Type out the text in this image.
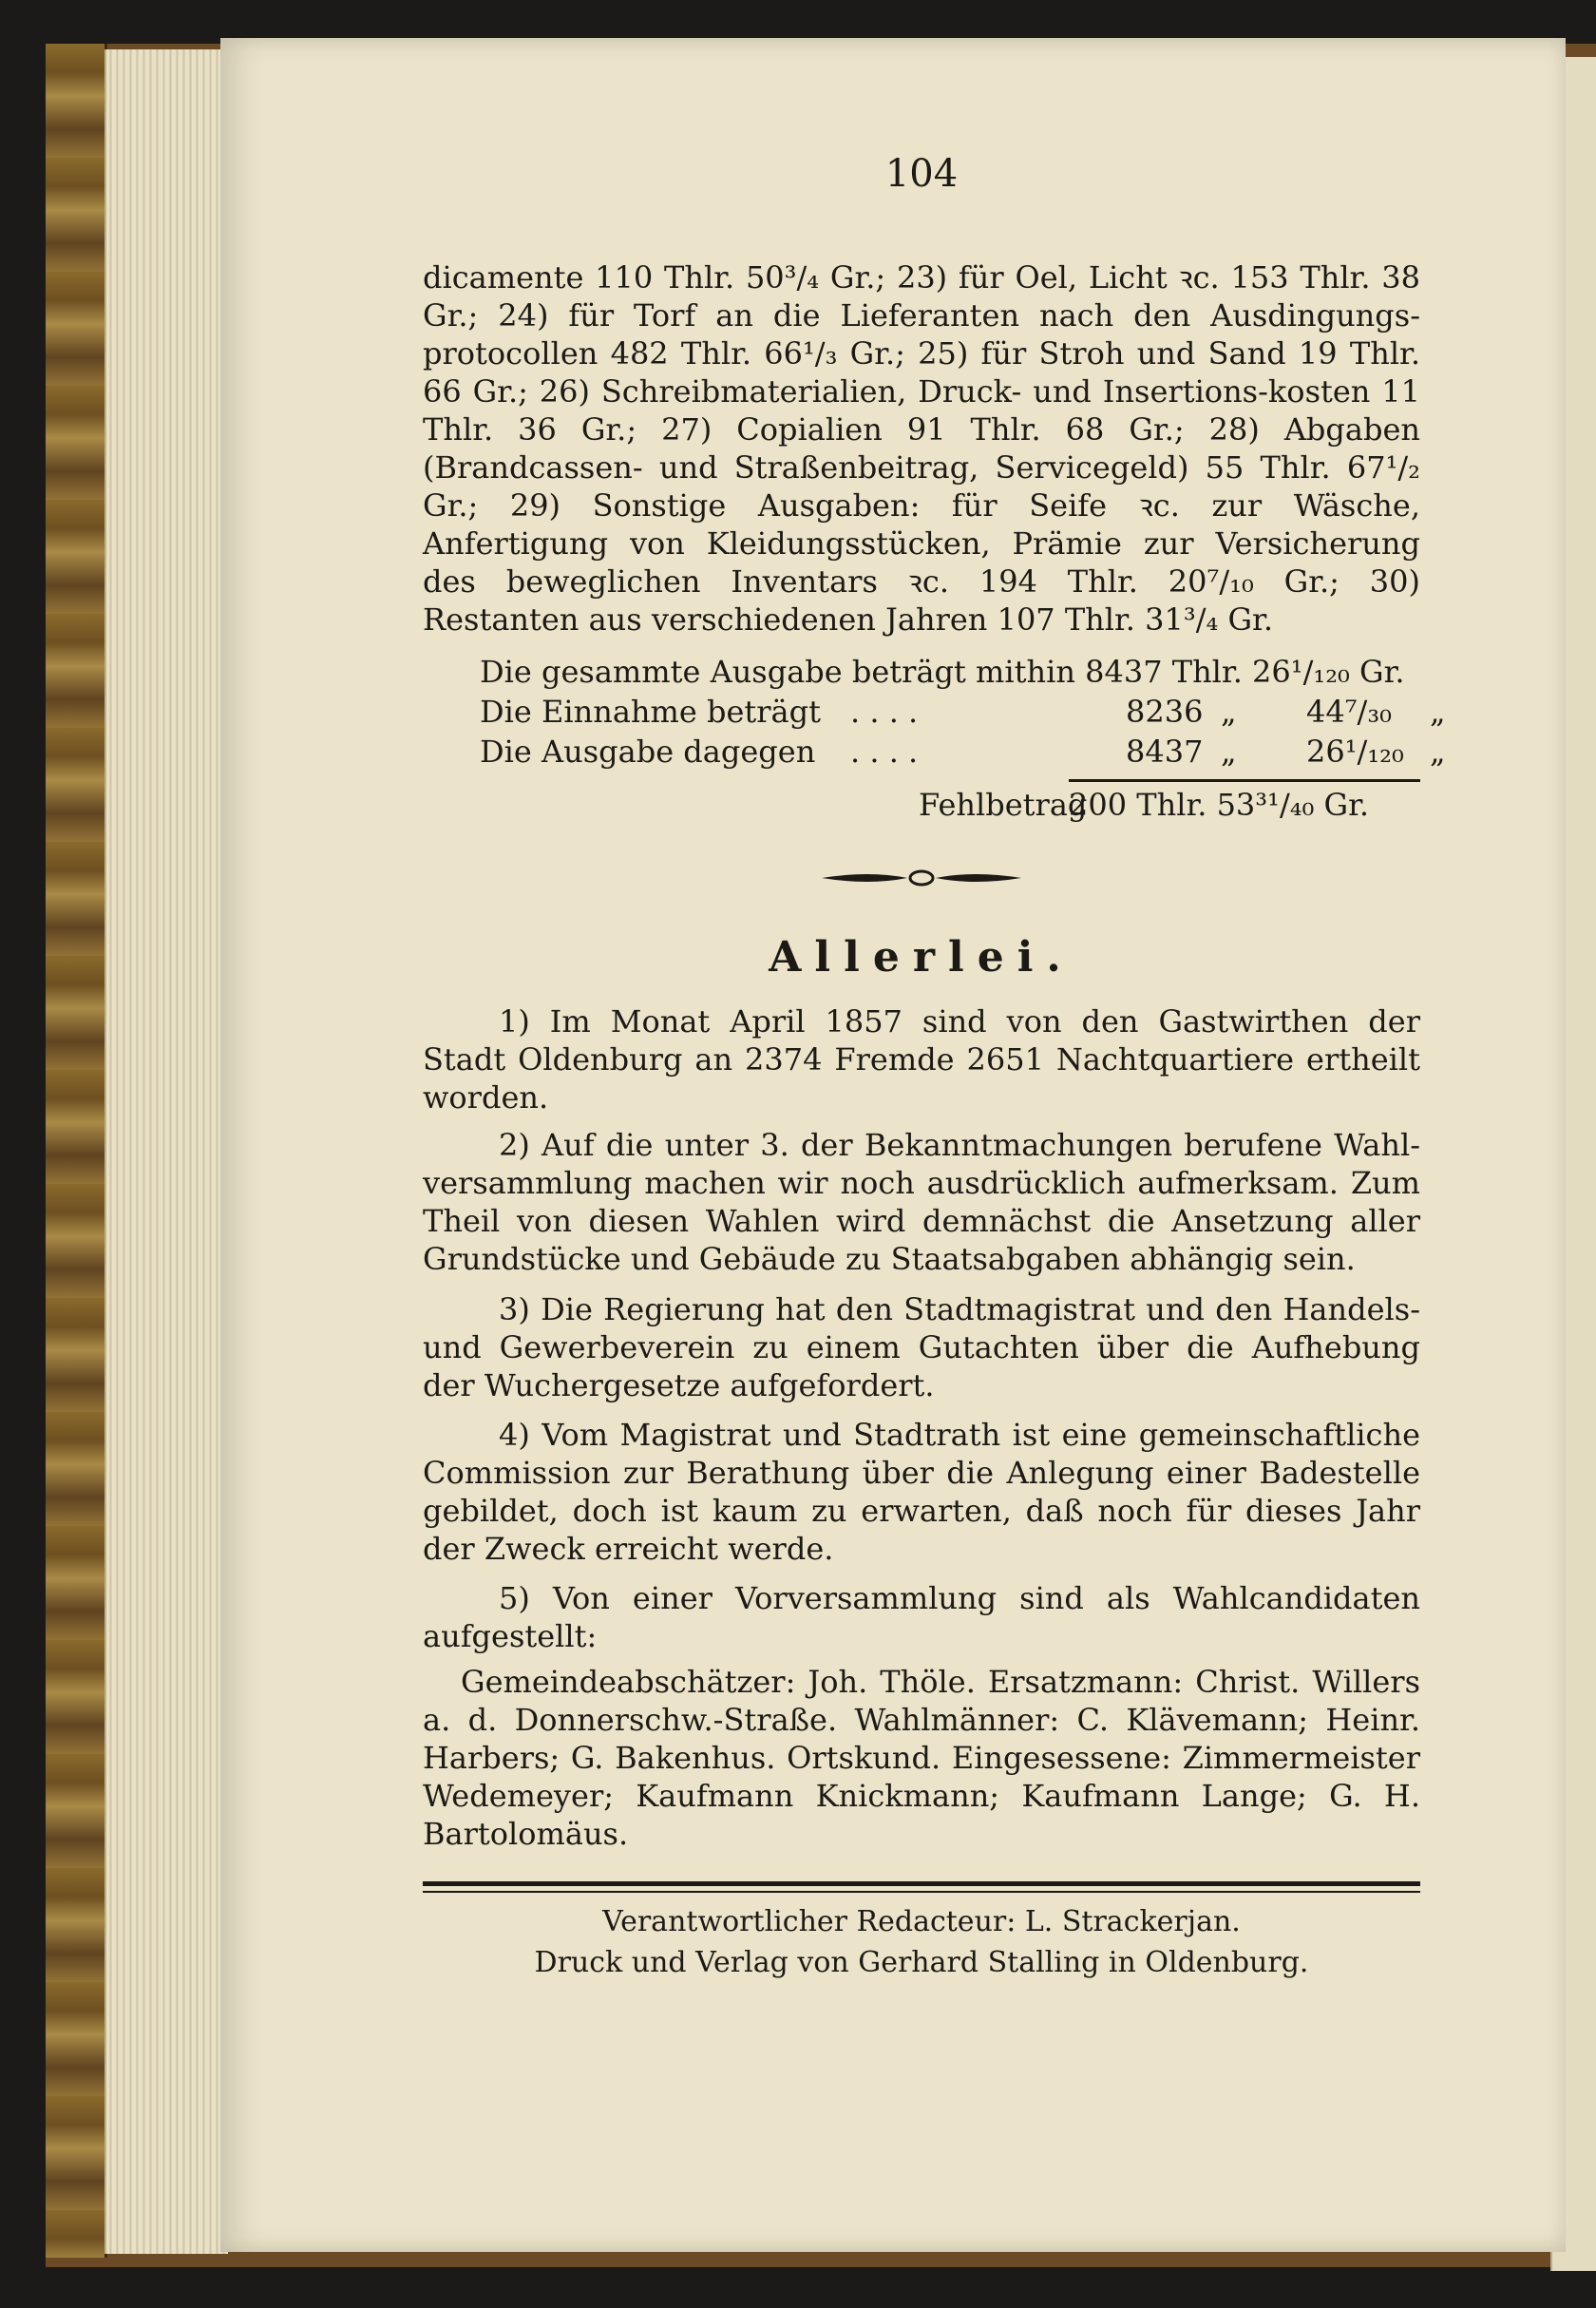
104

dicamente 110 Thlr. 50³/₄ Gr.; 23) für Oel, Licht ꝛc. 153 Thlr. 38 Gr.; 24) für Torf an die Lieferanten nach den Ausdingungs-protocollen 482 Thlr. 66¹/₃ Gr.; 25) für Stroh und Sand 19 Thlr. 66 Gr.; 26) Schreibmaterialien, Druck- und Insertions-kosten 11 Thlr. 36 Gr.; 27) Copialien 91 Thlr. 68 Gr.; 28) Abgaben (Brandcassen- und Straßenbeitrag, Servicegeld) 55 Thlr. 67¹/₂ Gr.; 29) Sonstige Ausgaben: für Seife ꝛc. zur Wäsche, Anfertigung von Kleidungsstücken, Prämie zur Versicherung des beweglichen Inventars ꝛc. 194 Thlr. 20⁷/₁₀ Gr.; 30) Restanten aus verschiedenen Jahren 107 Thlr. 31³/₄ Gr.

Die gesammte Ausgabe beträgt mithin 8437 Thlr. 26¹/₁₂₀ Gr.
Die Einnahme beträgt . . . .	8236 „ 44⁷/₃₀ „
Die Ausgabe dagegen . . . .	8437 „ 26¹/₁₂₀ „
Fehlbetrag
200 Thlr. 53³¹/₄₀ Gr.
Allerlei.

1) Im Monat April 1857 sind von den Gastwirthen der Stadt Oldenburg an 2374 Fremde 2651 Nachtquartiere ertheilt worden.

2) Auf die unter 3. der Bekanntmachungen berufene Wahl-versammlung machen wir noch ausdrücklich aufmerksam. Zum Theil von diesen Wahlen wird demnächst die Ansetzung aller Grundstücke und Gebäude zu Staatsabgaben abhängig sein.

3) Die Regierung hat den Stadtmagistrat und den Handels- und Gewerbeverein zu einem Gutachten über die Aufhebung der Wuchergesetze aufgefordert.

4) Vom Magistrat und Stadtrath ist eine gemeinschaftliche Commission zur Berathung über die Anlegung einer Badestelle gebildet, doch ist kaum zu erwarten, daß noch für dieses Jahr der Zweck erreicht werde.

5) Von einer Vorversammlung sind als Wahlcandidaten aufgestellt:

Gemeindeabschätzer: Joh. Thöle. Ersatzmann: Christ. Willers a. d. Donnerschw.-Straße. Wahlmänner: C. Klävemann; Heinr. Harbers; G. Bakenhus. Ortskund. Eingesessene: Zimmermeister Wedemeyer; Kaufmann Knickmann; Kaufmann Lange; G. H. Bartolomäus.

Verantwortlicher Redacteur: L. Strackerjan.
Druck und Verlag von Gerhard Stalling in Oldenburg.
